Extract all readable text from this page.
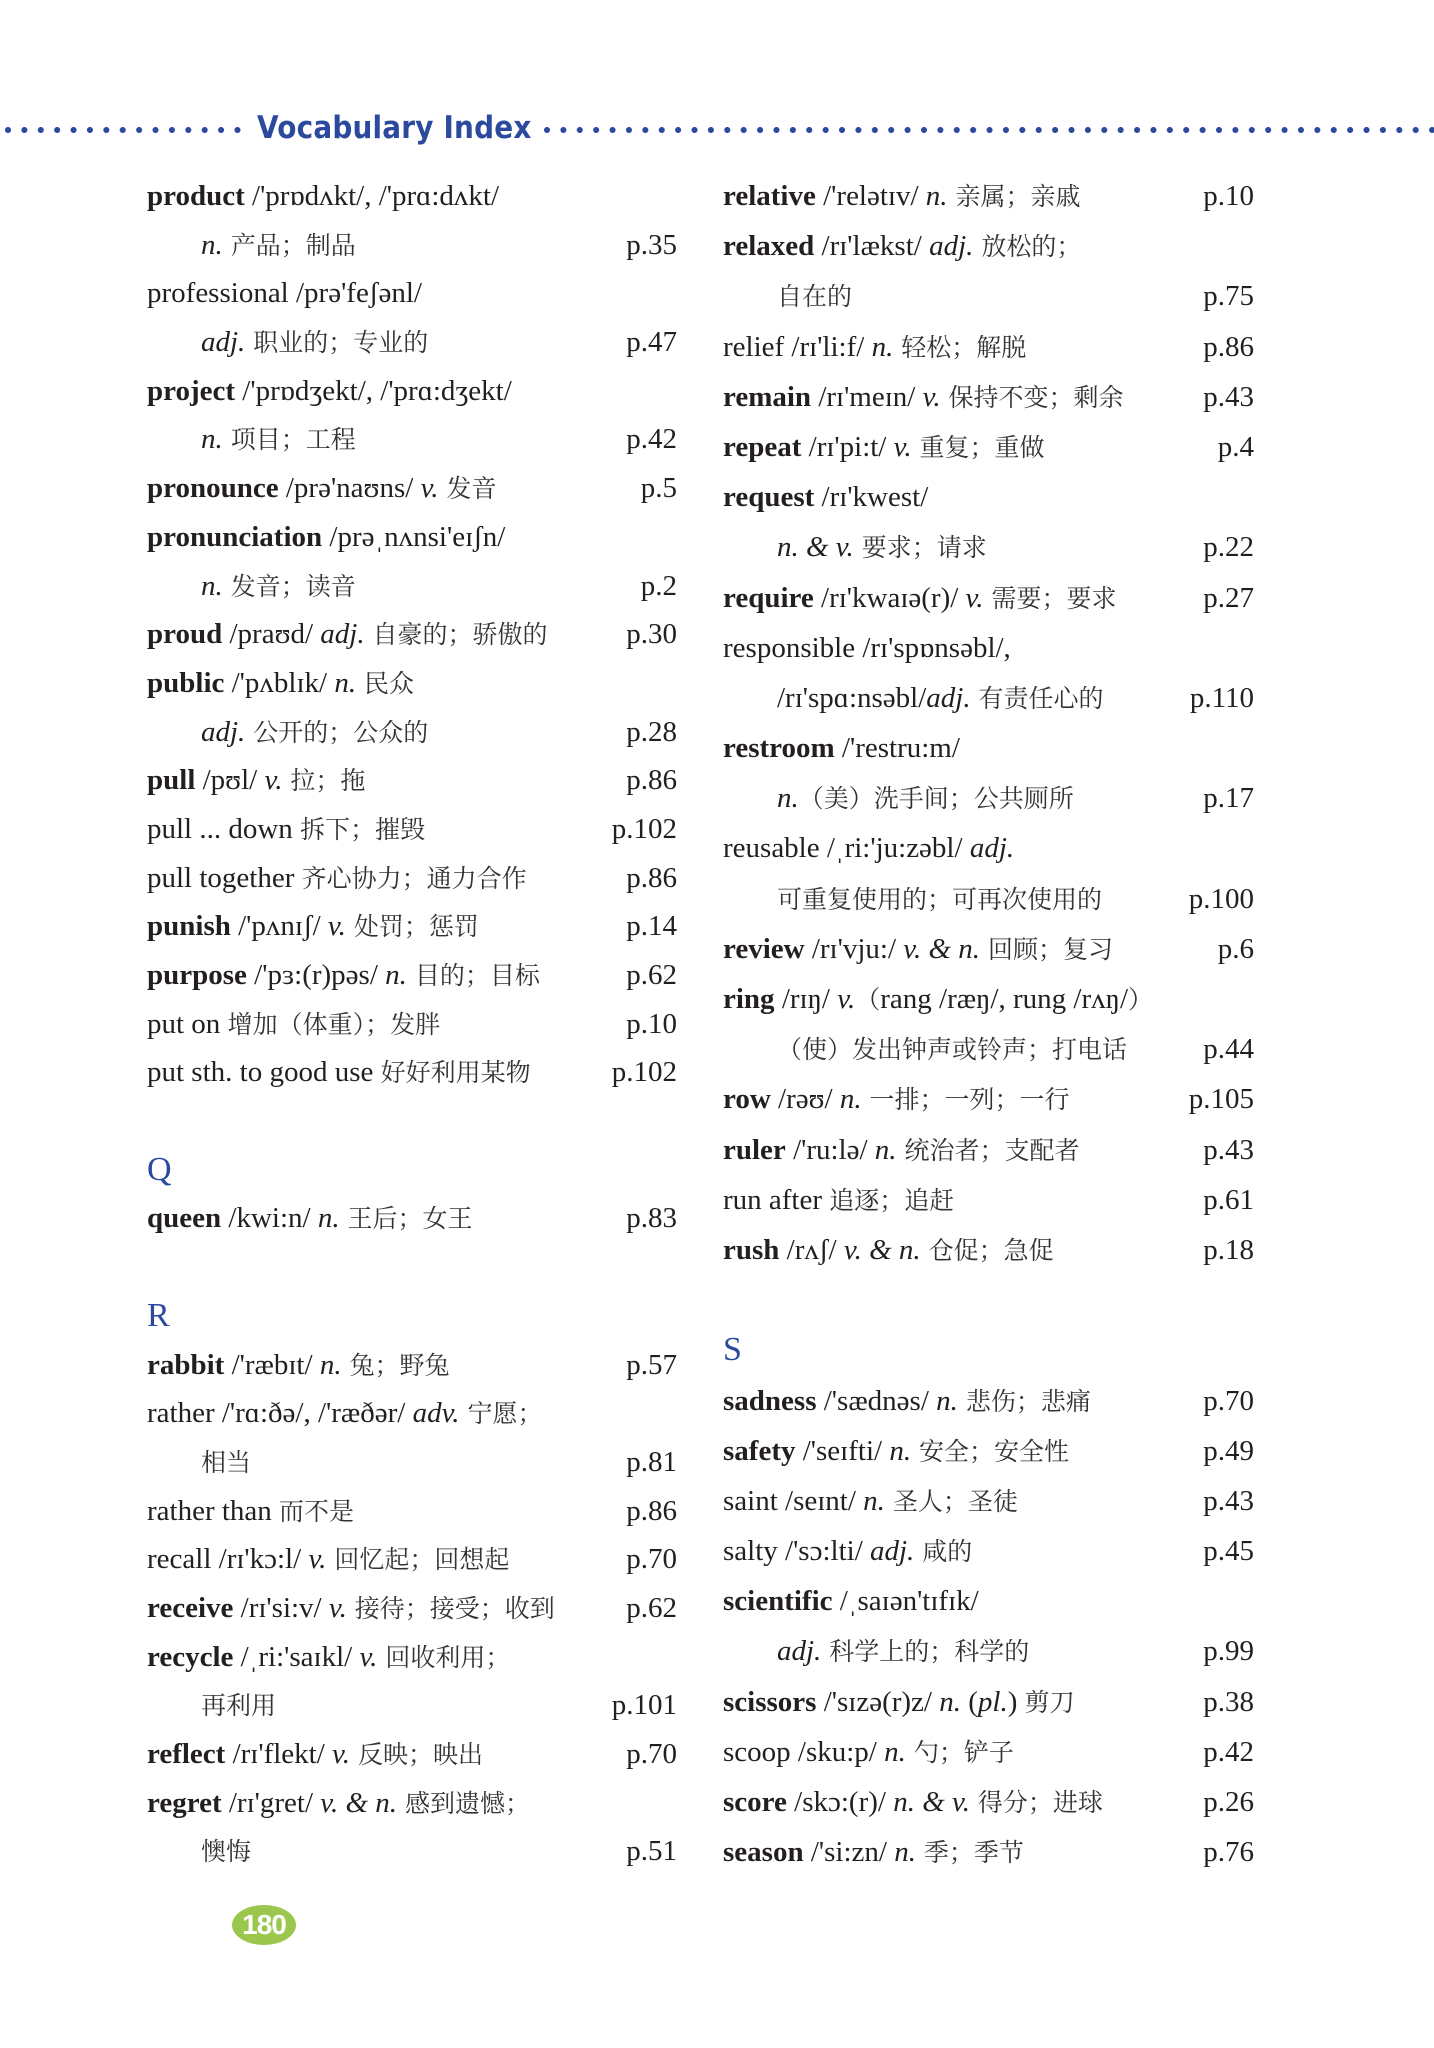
Vocabulary Index
product /'prɒdʌkt/, /'prɑ:dʌkt/
n. 产品；制品	p.35
professional /prə'feʃənl/
adj. 职业的；专业的	p.47
project /'prɒdʒekt/, /'prɑ:dʒekt/
n. 项目；工程	p.42
pronounce /prə'naʊns/ v. 发音	p.5
pronunciation /prəˌnʌnsi'eɪʃn/
n. 发音；读音	p.2
proud /praʊd/ adj. 自豪的；骄傲的	p.30
public /'pʌblɪk/ n. 民众
adj. 公开的；公众的	p.28
pull /pʊl/ v. 拉；拖	p.86
pull ... down 拆下；摧毁	p.102
pull together 齐心协力；通力合作	p.86
punish /'pʌnɪʃ/ v. 处罚；惩罚	p.14
purpose /'pɜ:(r)pəs/ n. 目的；目标	p.62
put on 增加（体重）；发胖	p.10
put sth. to good use 好好利用某物	p.102
Q
queen /kwi:n/ n. 王后；女王	p.83
R
rabbit /'ræbɪt/ n. 兔；野兔	p.57
rather /'rɑ:ðə/, /'ræðər/ adv. 宁愿；
相当	p.81
rather than 而不是	p.86
recall /rɪ'kɔ:l/ v. 回忆起；回想起	p.70
receive /rɪ'si:v/ v. 接待；接受；收到 p.62
recycle /ˌri:'saɪkl/ v. 回收利用；
再利用	p.101
reflect /rɪ'flekt/ v. 反映；映出	p.70
regret /rɪ'gret/ v. & n. 感到遗憾；
懊悔	p.51
relative /'relətɪv/ n. 亲属；亲戚	p.10
relaxed /rɪ'lækst/ adj. 放松的；
自在的	p.75
relief /rɪ'li:f/ n. 轻松；解脱	p.86
remain /rɪ'meɪn/ v. 保持不变；剩余	p.43
repeat /rɪ'pi:t/ v. 重复；重做	p.4
request /rɪ'kwest/
n. & v. 要求；请求	p.22
require /rɪ'kwaɪə(r)/ v. 需要；要求	p.27
responsible /rɪ'spɒnsəbl/,
/rɪ'spɑ:nsəbl/adj. 有责任心的	p.110
restroom /'restru:m/
n.（美）洗手间；公共厕所	p.17
reusable /ˌri:'ju:zəbl/ adj.
可重复使用的；可再次使用的	p.100
review /rɪ'vju:/ v. & n. 回顾；复习	p.6
ring /rɪŋ/ v.（rang /ræŋ/, rung /rʌŋ/）
（使）发出钟声或铃声；打电话	p.44
row /rəʊ/ n. 一排；一列；一行	p.105
ruler /'ru:lə/ n. 统治者；支配者	p.43
run after 追逐；追赶	p.61
rush /rʌʃ/ v. & n. 仓促；急促	p.18
S
sadness /'sædnəs/ n. 悲伤；悲痛	p.70
safety /'seɪfti/ n. 安全；安全性	p.49
saint /seɪnt/ n. 圣人；圣徒	p.43
salty /'sɔ:lti/ adj. 咸的	p.45
scientific /ˌsaɪən'tɪfɪk/
adj. 科学上的；科学的	p.99
scissors /'sɪzə(r)z/ n. (pl.) 剪刀	p.38
scoop /sku:p/ n. 勺；铲子	p.42
score /skɔ:(r)/ n. & v. 得分；进球	p.26
season /'si:zn/ n. 季；季节	p.76
180
